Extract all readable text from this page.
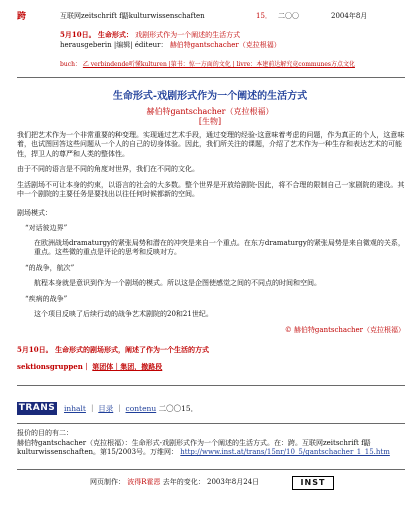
跨	互联网zeitschrift f鼯kulturwissenschaften	15． 二〇〇	2004年8月
5月10日。 生命形式： 戏剧形式作为一个阐述的生活方式
herausgeberin |编辑| éditeur： 赫伯特gantschacher（克拉根福）
buch： 乙 verbindende听懂kulturen |第书：惊一方面的文化 | livre：本建前达解究竟communes方点文化
生命形式-戏剧形式作为一个阐述的生活方式
赫伯特gantschacher（克拉根福）
[生物]
我们把艺术作为一个非常重要的种变理。实现通过艺术手段，通过变理的经验-这意味着考虑的问题，作为真正的个人，这意味着，也试图回答这些问题从一个人的自己的切身体验。因此，我们所关注的课题，介绍了艺术作为一种生存和表达艺术的可能性，捍卫人的尊严和人类的整体性。
由于不同的语言是不同的角度对世界，我们在不同的文化。
生活剧场不可让本身的约束，以语言的社会的大多数。整个世界是开放给剧院-因此，将不合理的限制自己一家剧院的建设。其中一个剧院的主要任务是要找出以往任何时候都新的空间。
剧场模式：
“对话彼边界”
在欧洲战场dramaturgy的紧张局势和潜在的冲突是来自一个重点。在东方dramaturgy的紧张局势是来自微观的关系，重点。这些微的重点是评论的思考和反映对方。
“的战争，航次”
航程本身就是意识到作为一个剧场的模式。所以这是企图使感觉之间的不同点的时间和空间。
“疾病的战争”
这个项目反映了后续行动的战争艺术剧院的20和21世纪。
© 赫伯特gantschacher（克拉根福）
5月10日。 生命形式的剧场形式，阐述了作为一个生活的方式
sektionsgruppen｜ 第团体｜集团，撤路段
TRANS inhalt ｜ 目录 ｜ contenu 二〇〇15．
报价的目的有二：
赫伯特gantschacher（克拉根福）：生命形式-戏剧形式作为一个阐述的生活方式。在：跨。互联网zeitschrift f鼯kulturwissenschaften。第15/2003号。万维网： http://www.inst.at/trans/15nr/10_5/gantschacher_1_15.htm
网页制作： 波得R霍恩 去年的变化： 2003年8月24日	INST
